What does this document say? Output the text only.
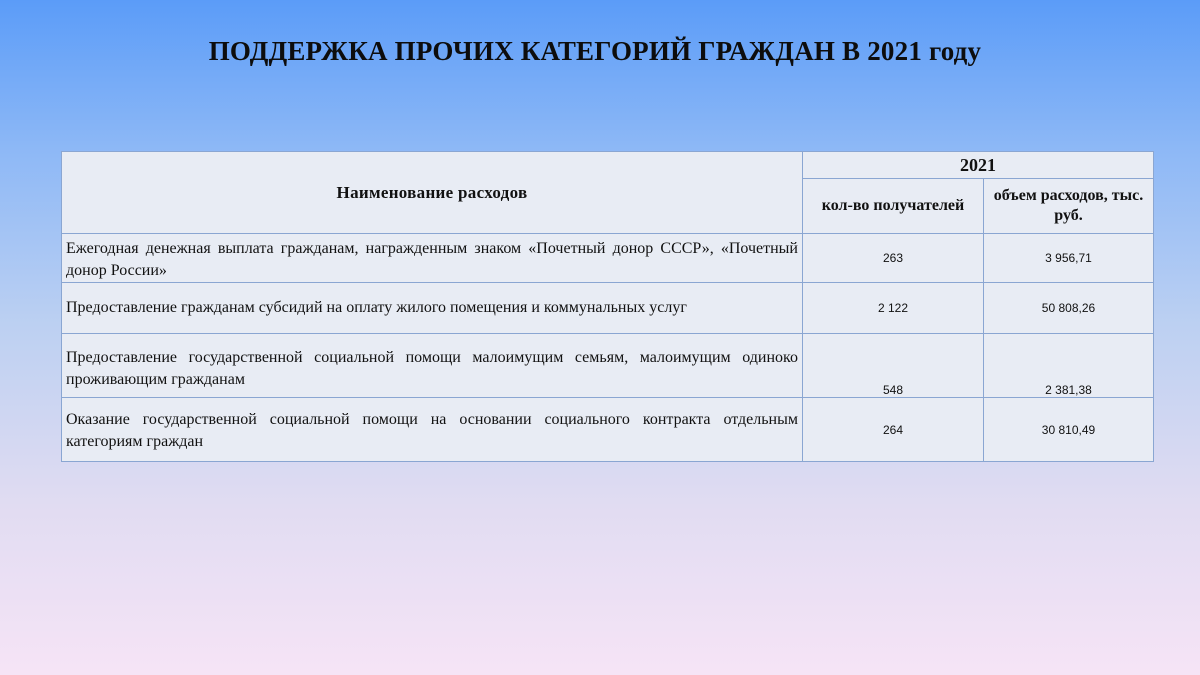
ПОДДЕРЖКА ПРОЧИХ КАТЕГОРИЙ ГРАЖДАН В 2021 году
Наименование расходов	2021	
	кол-во получателей	объем расходов, тыс. руб.
Ежегодная денежная выплата гражданам, награжденным знаком «Почетный донор СССР», «Почетный донор России»	263	3 956,71
Предоставление гражданам субсидий на оплату жилого помещения и коммунальных услуг	2 122	50 808,26
Предоставление государственной социальной помощи малоимущим семьям, малоимущим одиноко проживающим гражданам	548	2 381,38
Оказание государственной социальной помощи на основании социального контракта отдельным категориям граждан	264	30 810,49
